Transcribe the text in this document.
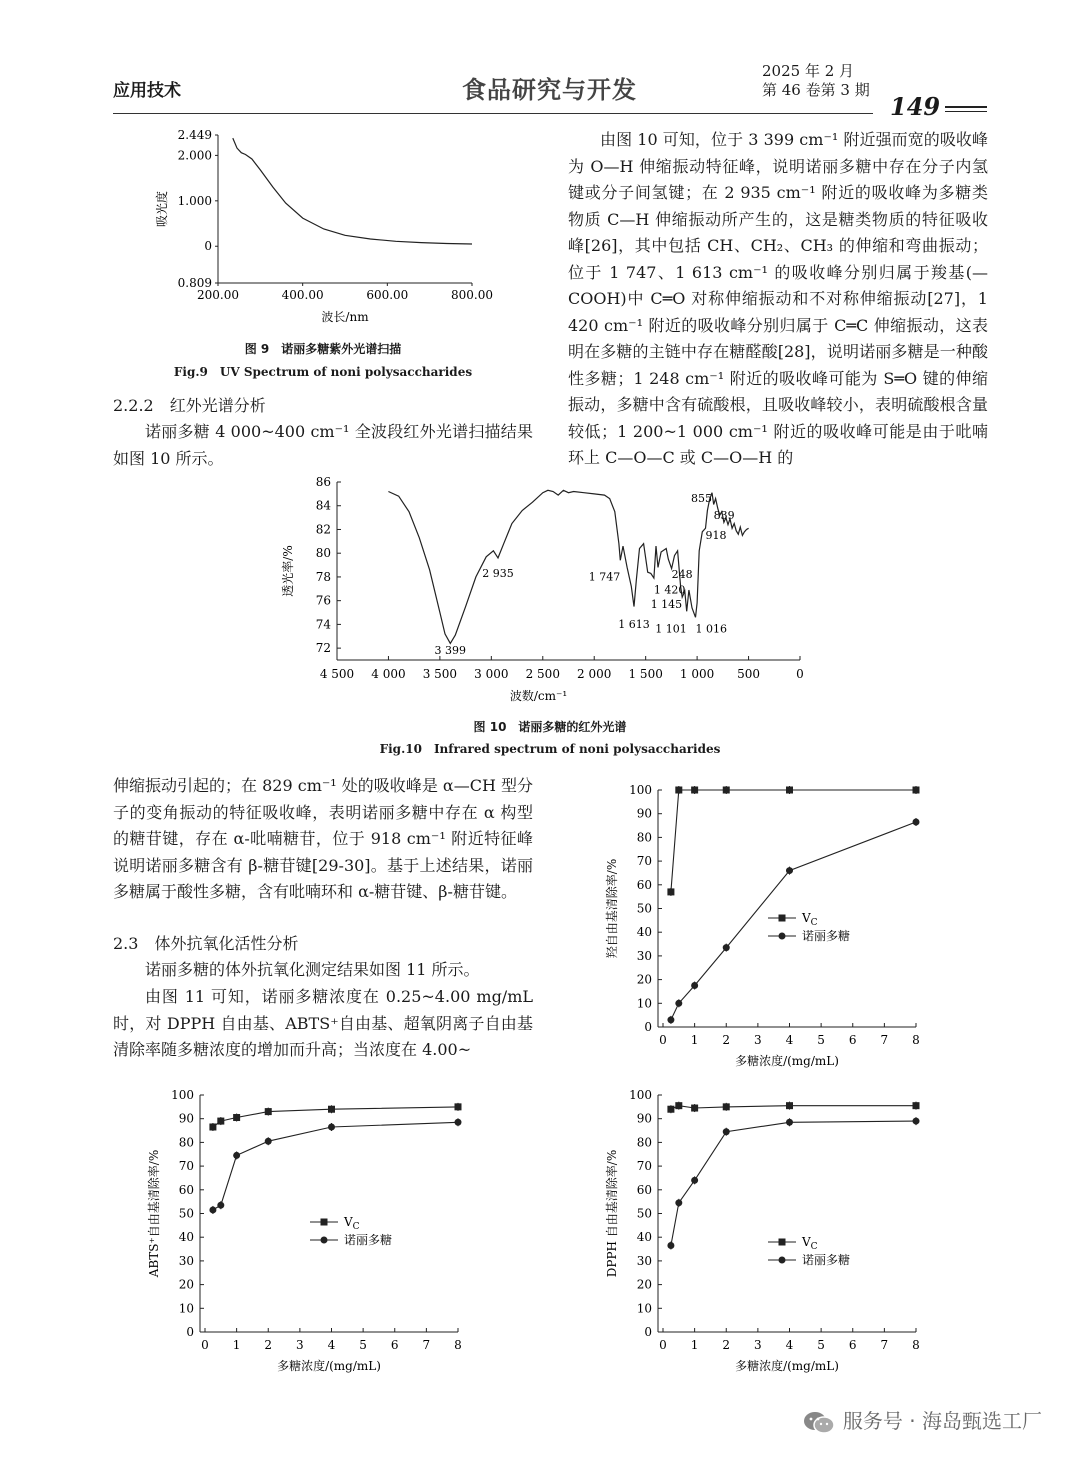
应用技术	食品研究与开发
2025 年 2 月
第 46 卷第 3 期
149
2.449
2.000
1.000
0
0.809
200.00	400.00	600.00	800.00
波长/nm
吸光度
图 9　诺丽多糖紫外光谱扫描
Fig.9　UV Spectrum of noni polysaccharides
2.2.2　红外光谱分析
诺丽多糖 4 000~400 cm⁻¹ 全波段红外光谱扫描结果如图 10 所示。
由图 10 可知，位于 3 399 cm⁻¹ 附近强而宽的吸收峰为 O—H 伸缩振动特征峰，说明诺丽多糖中存在分子内氢键或分子间氢键；在 2 935 cm⁻¹ 附近的吸收峰为多糖类物质 C—H 伸缩振动所产生的，这是糖类物质的特征吸收峰[26]，其中包括 CH、CH₂、CH₃ 的伸缩和弯曲振动；位于 1 747、1 613 cm⁻¹ 的吸收峰分别归属于羧基(—COOH)中 C═O 对称伸缩振动和不对称伸缩振动[27]，1 420 cm⁻¹ 附近的吸收峰分别归属于 C═C 伸缩振动，这表明在多糖的主链中存在糖醛酸[28]，说明诺丽多糖是一种酸性多糖；1 248 cm⁻¹ 附近的吸收峰可能为 S═O 键的伸缩振动，多糖中含有硫酸根，且吸收峰较小，表明硫酸根含量较低；1 200~1 000 cm⁻¹ 附近的吸收峰可能是由于吡喃环上 C—O—C 或 C—O—H 的
86
84
82
80
78
76
74
72
4 500 4 000 3 500 3 000 2 500 2 000 1 500 1 000 500	0
波数/cm⁻¹
透光率/%
3 399
2 935	1 747
1 613
1 420
248
1 145
1 101 1 016
855
839
918
图 10　诺丽多糖的红外光谱
Fig.10　Infrared spectrum of noni polysaccharides
伸缩振动引起的；在 829 cm⁻¹ 处的吸收峰是 α—CH 型分子的变角振动的特征吸收峰，表明诺丽多糖中存在 α 构型的糖苷键，存在 α-吡喃糖苷，位于 918 cm⁻¹ 附近特征峰说明诺丽多糖含有 β-糖苷键[29-30]。基于上述结果，诺丽多糖属于酸性多糖，含有吡喃环和 α-糖苷键、β-糖苷键。
2.3　体外抗氧化活性分析
诺丽多糖的体外抗氧化测定结果如图 11 所示。
由图 11 可知，诺丽多糖浓度在 0.25~4.00 mg/mL 时，对 DPPH 自由基、ABTS⁺自由基、超氧阴离子自由基清除率随多糖浓度的增加而升高；当浓度在 4.00~
0
10
20
30
40
50
60
70
80
90
100
0 1 2 3 4 5 6 7 8
多糖浓度/(mg/mL)
羟自由基清除率/%	$V_C$
诺丽多糖
0
10
20
30
40
50
60
70
80
90
100
0 1 2 3 4 5 6 7 8
多糖浓度/(mg/mL)
ABTS⁺自由基清除率/%	$V_C$
诺丽多糖
0
10
20
30
40
50
60
70
80
90
100
0 1 2 3 4 5 6 7 8
多糖浓度/(mg/mL)
DPPH 自由基清除率/%	$V_C$
诺丽多糖
服务号 · 海岛甄选工厂
